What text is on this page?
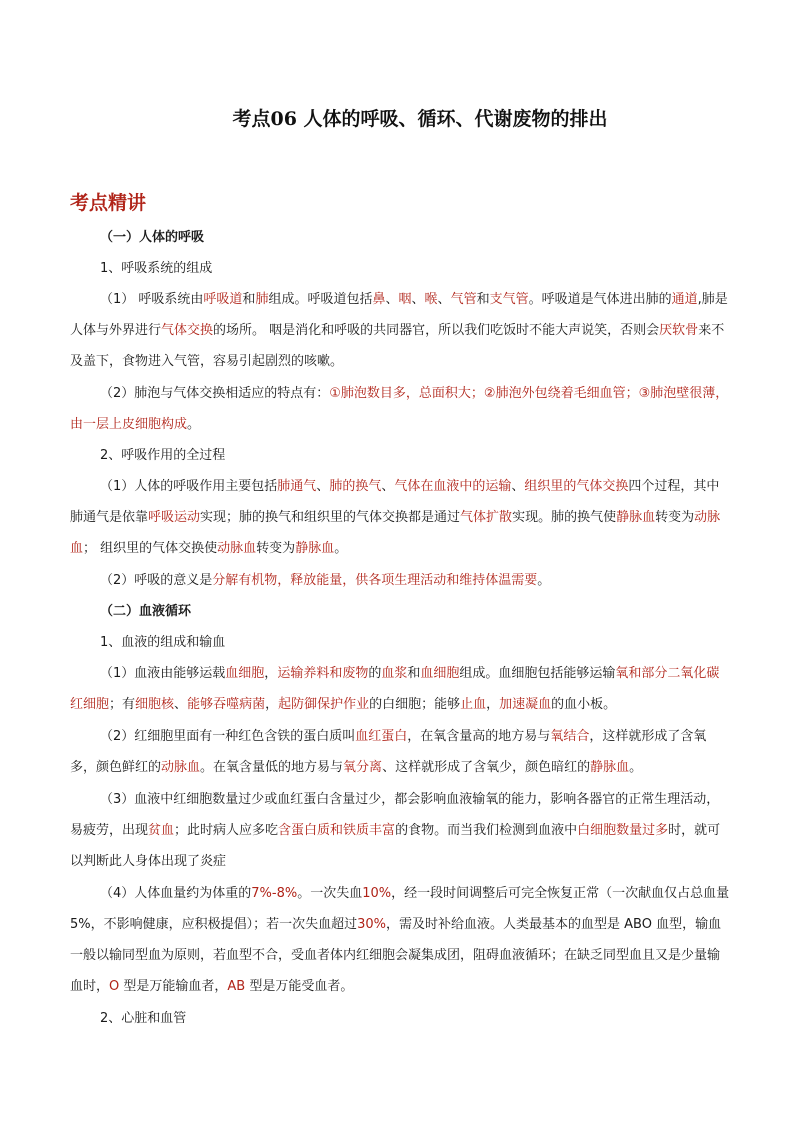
考点06 人体的呼吸、循环、代谢废物的排出
考点精讲
（一）人体的呼吸
1、呼吸系统的组成

（1） 呼吸系统由呼吸道和肺组成。呼吸道包括鼻、咽、喉、气管和支气管。呼吸道是气体进出肺的通道,肺是人体与外界进行气体交换的场所。 咽是消化和呼吸的共同器官，所以我们吃饭时不能大声说笑，否则会厌软骨来不及盖下，食物进入气管，容易引起剧烈的咳嗽。

（2）肺泡与气体交换相适应的特点有：①肺泡数目多，总面积大；②肺泡外包绕着毛细血管；③肺泡壁很薄，由一层上皮细胞构成。

2、呼吸作用的全过程

（1）人体的呼吸作用主要包括肺通气、肺的换气、气体在血液中的运输、组织里的气体交换四个过程，其中肺通气是依靠呼吸运动实现；肺的换气和组织里的气体交换都是通过气体扩散实现。肺的换气使静脉血转变为动脉血； 组织里的气体交换使动脉血转变为静脉血。

（2）呼吸的意义是分解有机物，释放能量，供各项生理活动和维持体温需要。

（二）血液循环
1、血液的组成和输血

（1）血液由能够运载血细胞，运输养料和废物的血浆和血细胞组成。血细胞包括能够运输氧和部分二氧化碳红细胞；有细胞核、能够吞噬病菌，起防御保护作业的白细胞；能够止血，加速凝血的血小板。

（2）红细胞里面有一种红色含铁的蛋白质叫血红蛋白，在氧含量高的地方易与氧结合，这样就形成了含氧多，颜色鲜红的动脉血。在氧含量低的地方易与氧分离、这样就形成了含氧少，颜色暗红的静脉血。

（3）血液中红细胞数量过少或血红蛋白含量过少，都会影响血液输氧的能力，影响各器官的正常生理活动，易疲劳，出现贫血；此时病人应多吃含蛋白质和铁质丰富的食物。而当我们检测到血液中白细胞数量过多时，就可以判断此人身体出现了炎症

（4）人体血量约为体重的7%-8%。一次失血10%，经一段时间调整后可完全恢复正常（一次献血仅占总血量 5%，不影响健康，应积极提倡）；若一次失血超过30%，需及时补给血液。人类最基本的血型是 ABO 血型，输血一般以输同型血为原则，若血型不合，受血者体内红细胞会凝集成团，阻碍血液循环；在缺乏同型血且又是少量输血时，O 型是万能输血者，AB 型是万能受血者。

2、心脏和血管
